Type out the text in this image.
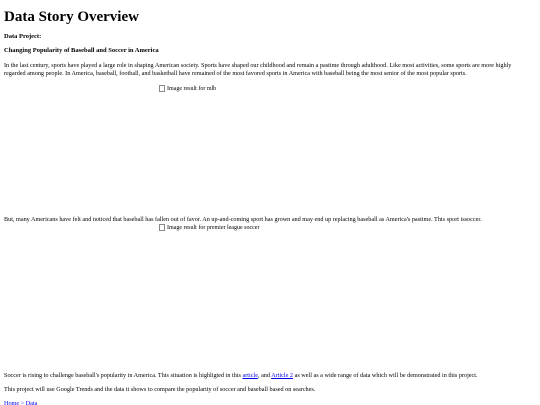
Data Story Overview
Data Project:
Changing Popularity of Baseball and Soccer in America

In the last century, sports have played a large role in shaping American society. Sports have shaped our childhood and remain a pastime through adulthood. Like most activities, some sports are more highly regarded among people. In America, baseball, football, and basketball have remained of the most favored sports in America with baseball being the most senior of the most popular sports.

Image result for mlb

But, many Americans have felt and noticed that baseball has fallen out of favor. An up-and-coming sport has grown and may end up replacing baseball as America's pastime. This sport issoccer.

Image result for premier league soccer

Soccer is rising to challenge baseball's popularity in America. This situation is highligted in this article, and Article 2 as well as a wide range of data which will be demonstrated in this project.

This project will use Google Trends and the data it shows to compare the popularity of soccer and baseball based on searches.

Home > Data
